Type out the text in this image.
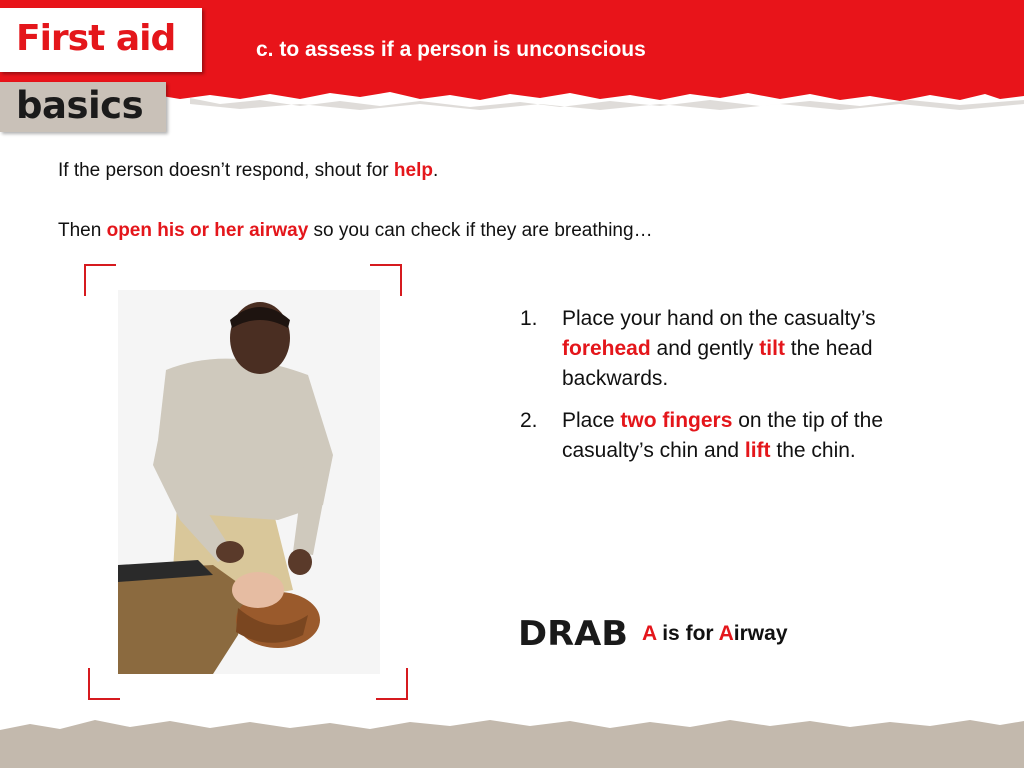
First aid
basics
c. to assess if a person is unconscious
If the person doesn’t respond, shout for help.
Then open his or her airway so you can check if they are breathing…
1. Place your hand on the casualty’s forehead and gently tilt the head backwards.
2. Place two fingers on the tip of the casualty’s chin and lift the chin.
DRAB A is for Airway
